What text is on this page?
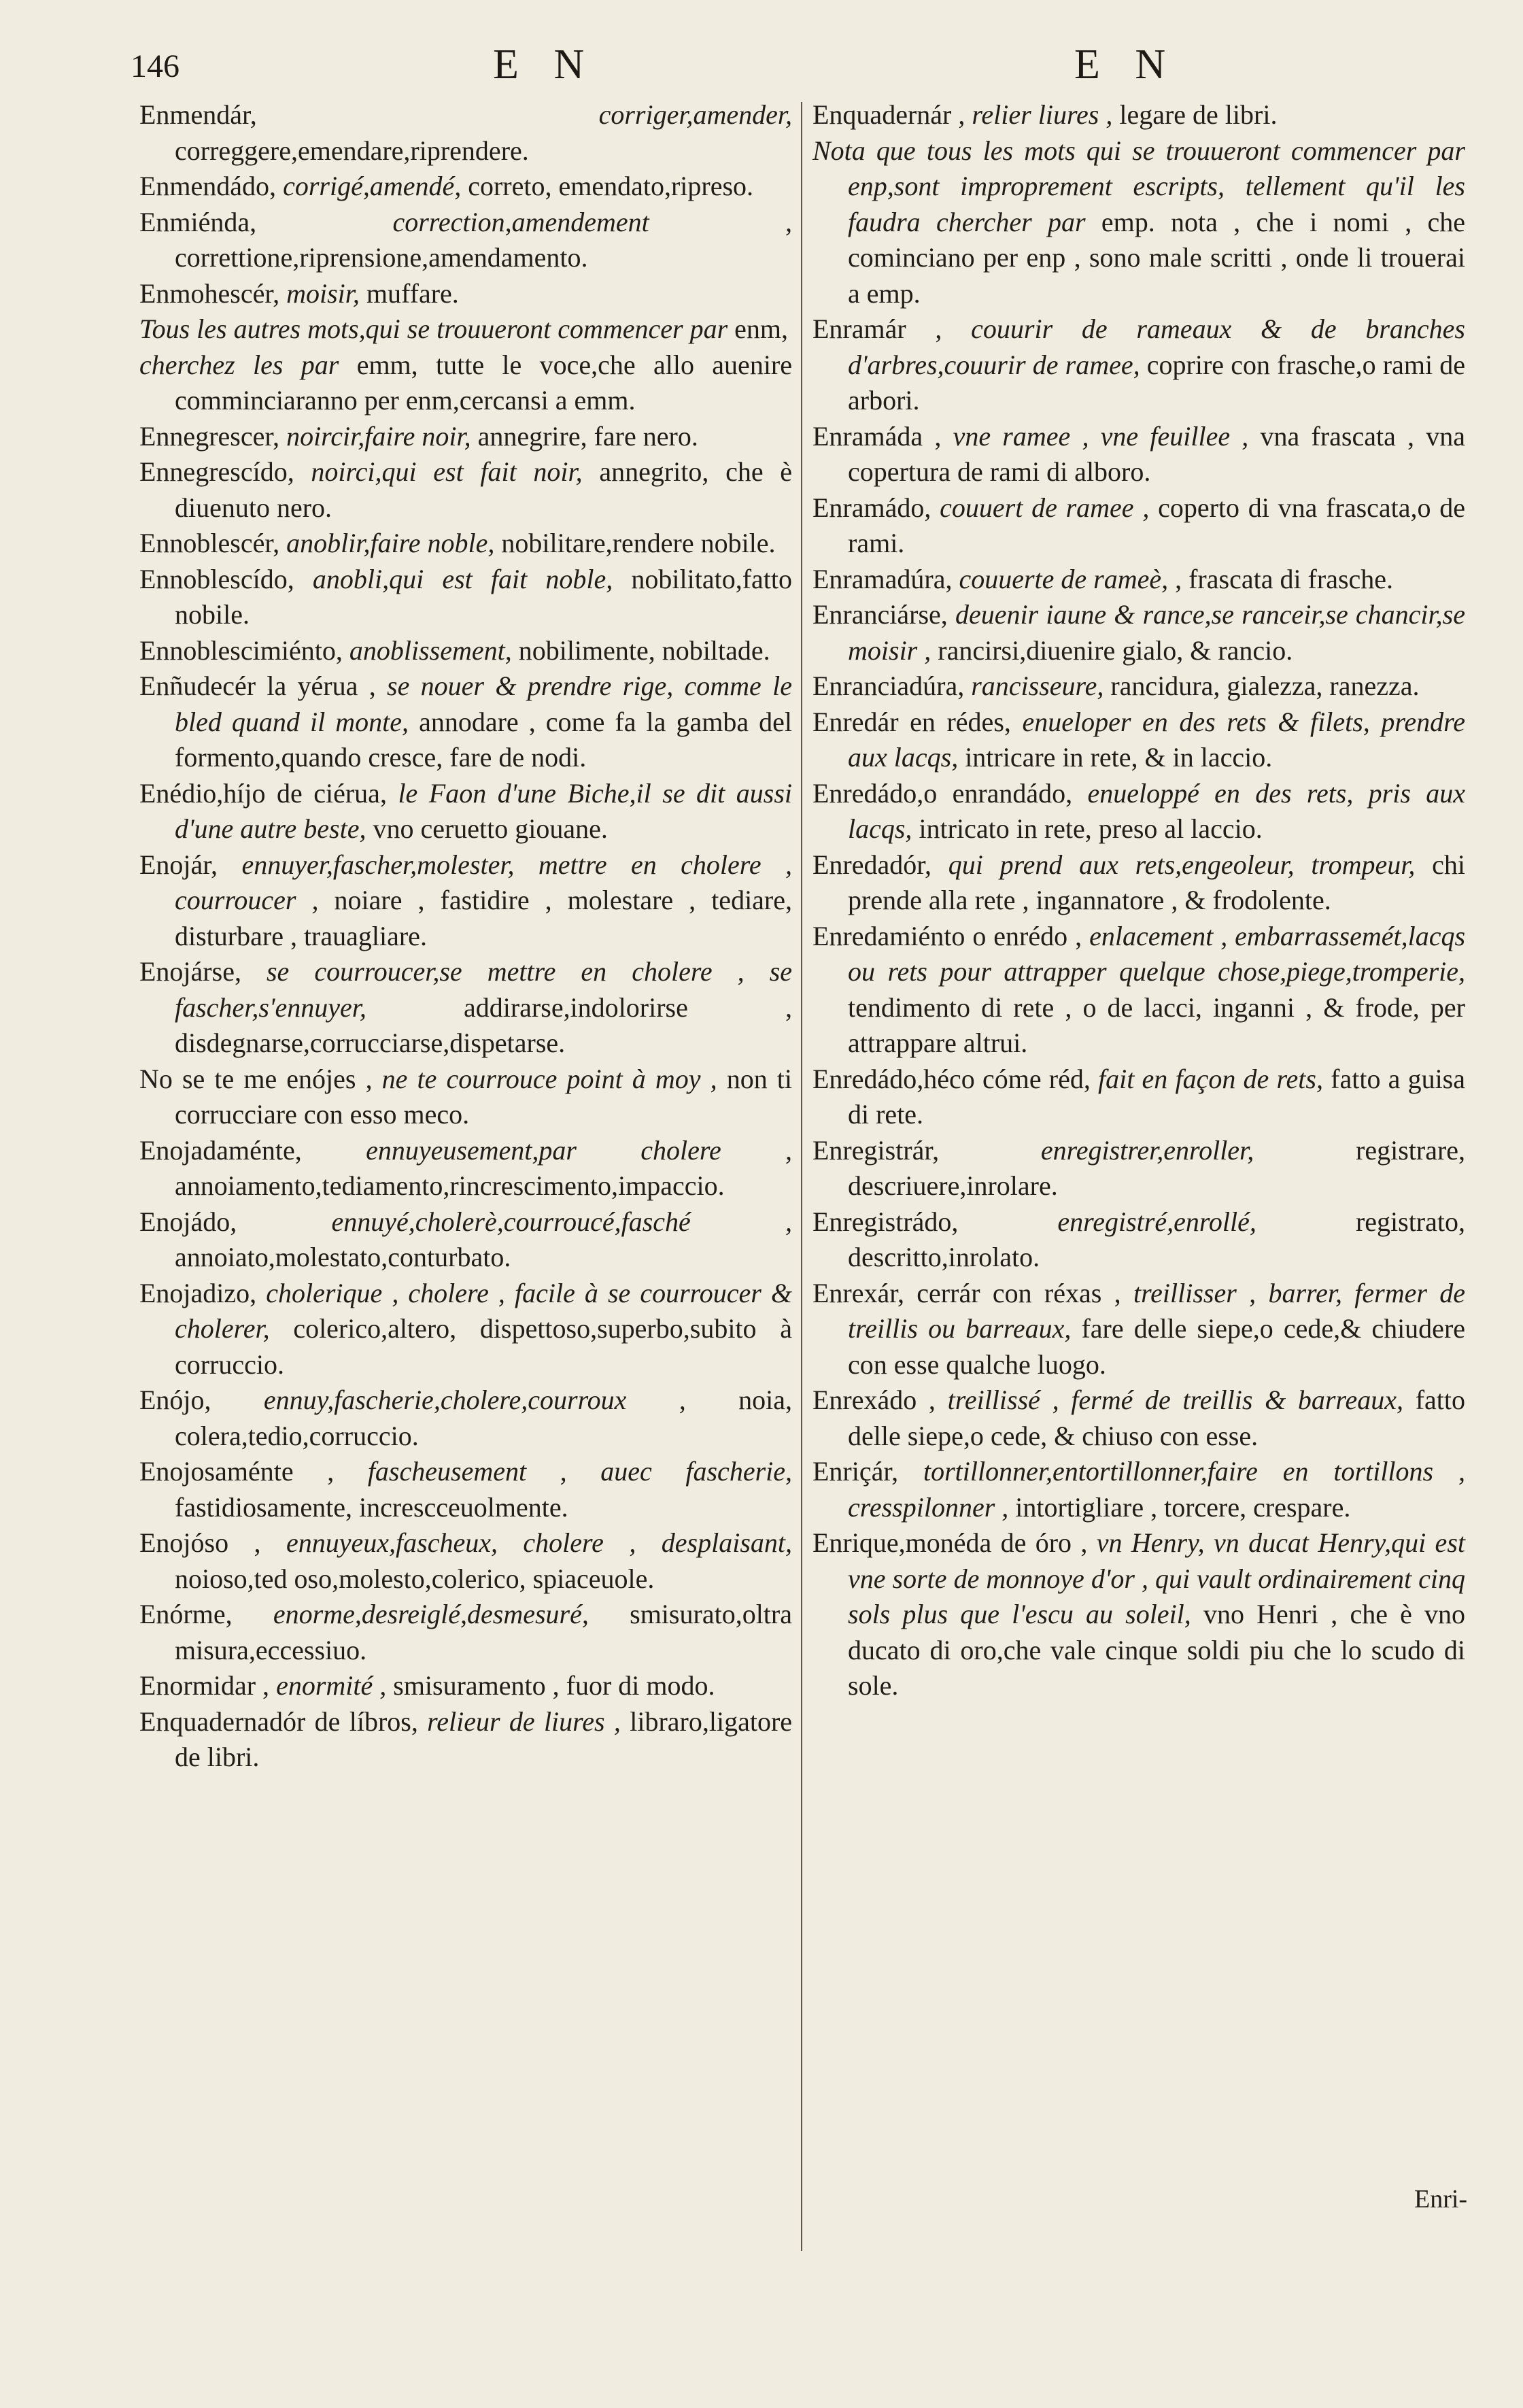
146	E N	E N

Enmendár,	corriger,amender, correggere,emendare,riprendere.

Enmendádo, corrigé,amendé, correto, emendato,ripreso.

Enmiénda,	correction,amendement , correttione,riprensione,amendamento.

Enmohescér, moisir, muffare.

Tous les autres mots,qui se trouueront commencer par enm,

cherchez les par emm, tutte le voce,che allo auenire comminciaranno per enm,cercansi a emm.

Ennegrescer, noircir,faire noir, annegrire, fare nero.

Ennegrescído, noirci,qui est fait noir, annegrito, che è diuenuto nero.

Ennoblescér, anoblir,faire noble, nobilitare,rendere nobile.

Ennoblescído, anobli,qui est fait noble, nobilitato,fatto nobile.

Ennoblescimiénto, anoblissement, nobilimente, nobiltade.

Enñudecér la yérua , se nouer & prendre rige, comme le bled quand il monte, annodare , come fa la gamba del formento,quando cresce, fare de nodi.

Enédio,híjo de ciérua, le Faon d'une Biche,il se dit aussi d'une autre beste, vno ceruetto giouane.

Enojár, ennuyer,fascher,molester, mettre en cholere , courroucer , noiare , fastidire , molestare , tediare, disturbare , trauagliare.

Enojárse, se courroucer,se mettre en cholere , se fascher,s'ennuyer,	addirarse,indolorirse , disdegnarse,corrucciarse,dispetarse.

No se te me enójes , ne te courrouce point à moy , non ti corrucciare con esso meco.

Enojadaménte, ennuyeusement,par cholere , annoiamento,tediamento,rincrescimento,impaccio.

Enojádo,	ennuyé,cholerè,courroucé,fasché , annoiato,molestato,conturbato.

Enojadizo, cholerique , cholere , facile à se courroucer & cholerer, colerico,altero, dispettoso,superbo,subito à corruccio.

Enójo, ennuy,fascherie,cholere,courroux , noia, colera,tedio,corruccio.

Enojosaménte , fascheusement , auec fascherie, fastidiosamente, increscceuolmente.

Enojóso , ennuyeux,fascheux, cholere , desplaisant, noioso,ted oso,molesto,colerico, spiaceuole.

Enórme, enorme,desreiglé,desmesuré, smisurato,oltra misura,eccessiuo.

Enormidar , enormité , smisuramento , fuor di modo.

Enquadernadór de líbros, relieur de liures , libraro,ligatore de libri.

Enquadernár , relier liures , legare de libri.

Nota que tous les mots qui se trouueront commencer par enp,sont improprement escripts, tellement qu'il les faudra chercher par emp. nota , che i nomi , che cominciano per enp , sono male scritti , onde li trouerai a emp.

Enramár , couurir de rameaux & de branches d'arbres,couurir de ramee, coprire con frasche,o rami de arbori.

Enramáda , vne ramee , vne feuillee , vna frascata , vna copertura de rami di alboro.

Enramádo, couuert de ramee , coperto di vna frascata,o de rami.

Enramadúra, couuerte de rameè, , frascata di frasche.

Enranciárse, deuenir iaune & rance,se ranceir,se chancir,se moisir , rancirsi,diuenire gialo, & rancio.

Enranciadúra, rancisseure, rancidura, gialezza, ranezza.

Enredár en rédes, enueloper en des rets & filets, prendre aux lacqs, intricare in rete, & in laccio.

Enredádo,o enrandádo, enueloppé en des rets, pris aux lacqs, intricato in rete, preso al laccio.

Enredadór, qui prend aux rets,engeoleur, trompeur, chi prende alla rete , ingannatore , & frodolente.

Enredamiénto o enrédo , enlacement , embarrassemét,lacqs ou rets pour attrapper quelque chose,piege,tromperie, tendimento di rete , o de lacci, inganni , & frode, per attrappare altrui.

Enredádo,héco cóme réd, fait en façon de rets, fatto a guisa di rete.

Enregistrár,	enregistrer,enroller,	registrare, descriuere,inrolare.

Enregistrádo,	enregistré,enrollé,	registrato, descritto,inrolato.

Enrexár, cerrár con réxas , treillisser , barrer, fermer de treillis ou barreaux, fare delle siepe,o cede,& chiudere con esse qualche luogo.

Enrexádo , treillissé , fermé de treillis & barreaux, fatto delle siepe,o cede, & chiuso con esse.

Enriçár, tortillonner,entortillonner,faire en tortillons , cresspilonner , intortigliare , torcere, crespare.

Enrique,monéda de óro , vn Henry, vn ducat Henry,qui est vne sorte de monnoye d'or , qui vault ordinairement cinq sols plus que l'escu au soleil, vno Henri , che è vno ducato di oro,che vale cinque soldi piu che lo scudo di sole.

Enri-
